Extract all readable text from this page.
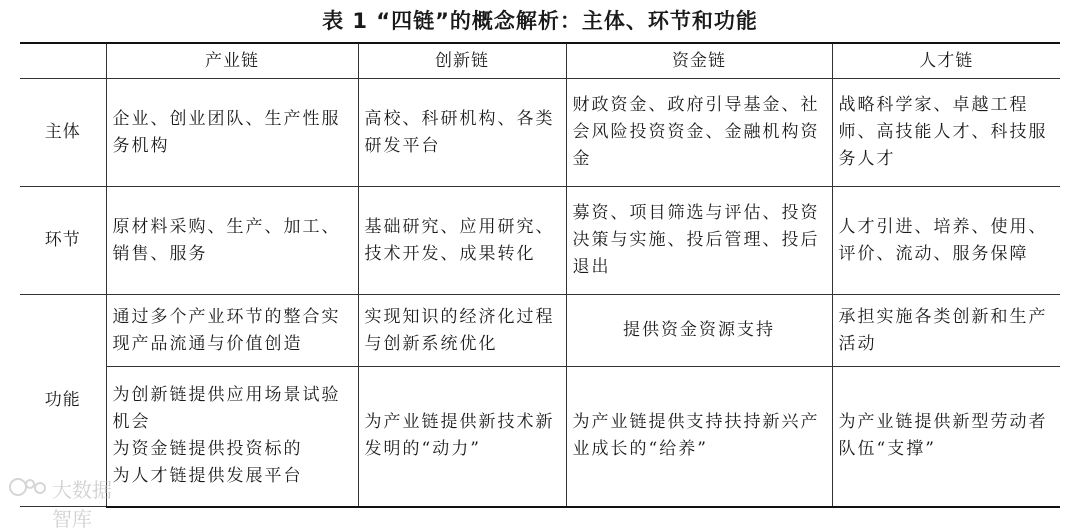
表 1 “四链”的概念解析：主体、环节和功能
	产业链	创新链	资金链	人才链
主体	企业、创业团队、生产性服务机构	高校、科研机构、各类研发平台	财政资金、政府引导基金、社会风险投资资金、金融机构资金	战略科学家、卓越工程师、高技能人才、科技服务人才
环节	原材料采购、生产、加工、销售、服务	基础研究、应用研究、技术开发、成果转化	募资、项目筛选与评估、投资决策与实施、投后管理、投后退出	人才引进、培养、使用、评价、流动、服务保障
功能	通过多个产业环节的整合实现产品流通与价值创造	实现知识的经济化过程与创新系统优化	提供资金资源支持	承担实施各类创新和生产活动

	为创新链提供应用场景试验机会
为资金链提供投资标的
为人才链提供发展平台	为产业链提供新技术新发明的“动力”	为产业链提供支持扶持新兴产业成长的“给养”	为产业链提供新型劳动者队伍“支撑”
大数据智库
